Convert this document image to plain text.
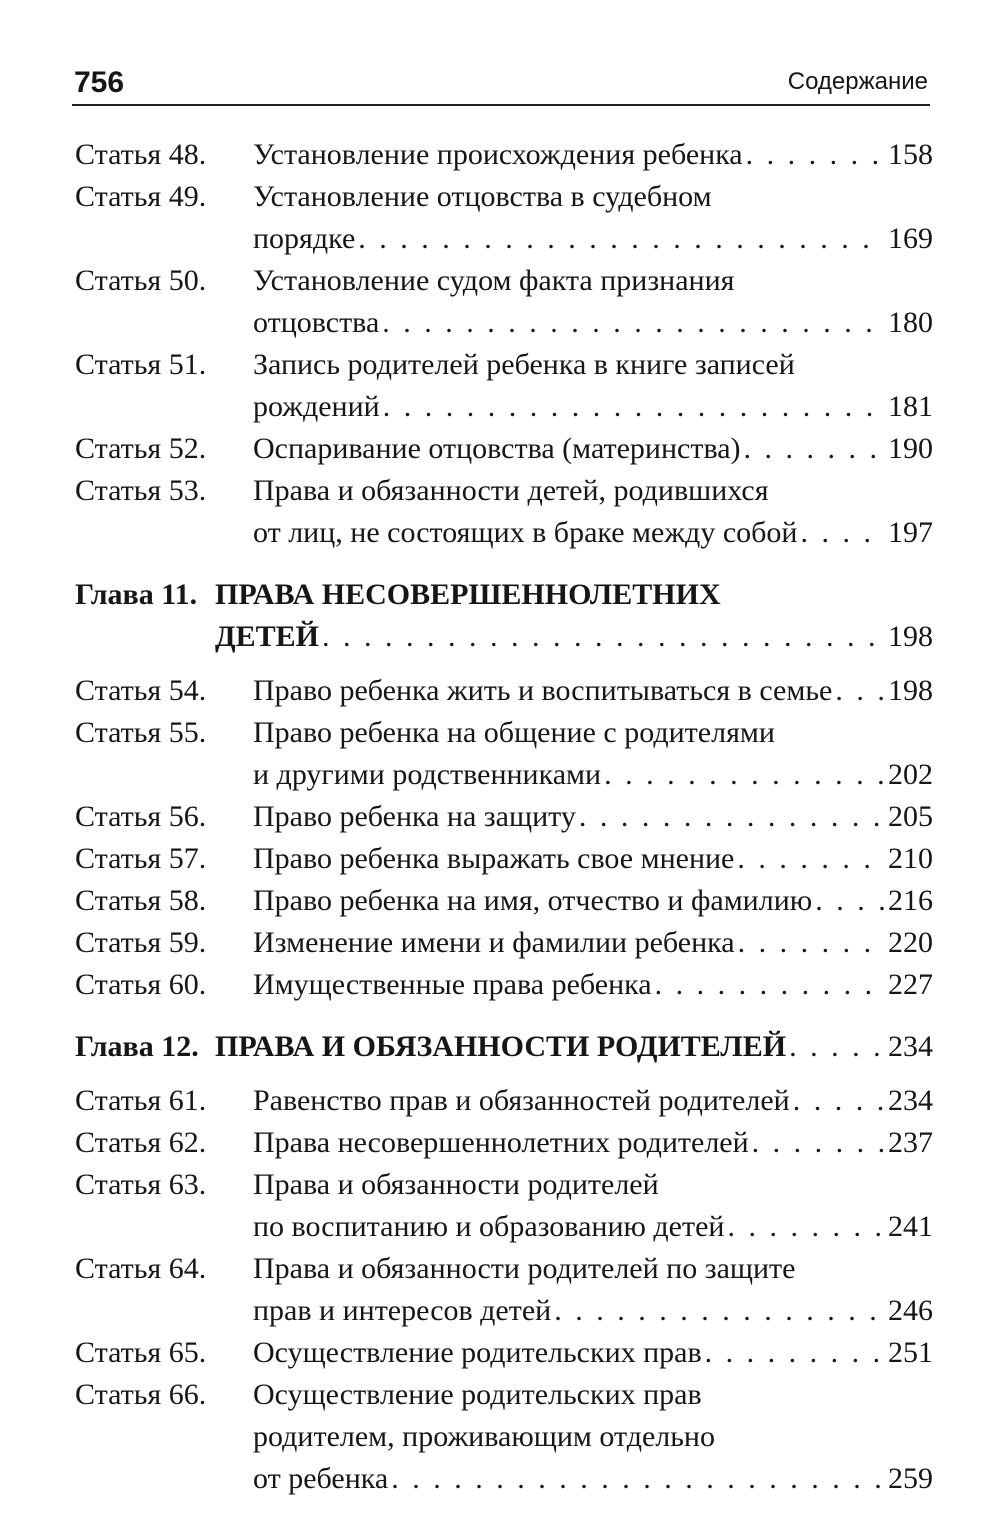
756	Содержание
Статья 48.	Установление происхождения ребенка . . .	158
Статья 49.	Установление отцовства в судебном
порядке . . .	169
Статья 50.	Установление судом факта признания
отцовства . . .	180
Статья 51.	Запись родителей ребенка в книге записей
рождений . . .	181
Статья 52.	Оспаривание отцовства (материнства) . . .	190
Статья 53.	Права и обязанности детей, родившихся
от лиц, не состоящих в браке между собой . . .	197
Глава 11. ПРАВА НЕСОВЕРШЕННОЛЕТНИХ
ДЕТЕЙ . . .	198
Статья 54.	Право ребенка жить и воспитываться в семье . . . 198
Статья 55.	Право ребенка на общение с родителями
и другими родственниками . . .	202
Статья 56.	Право ребенка на защиту . . .	205
Статья 57.	Право ребенка выражать свое мнение . . .	210
Статья 58.	Право ребенка на имя, отчество и фамилию . . .	216
Статья 59.	Изменение имени и фамилии ребенка . . .	220
Статья 60.	Имущественные права ребенка . . .	227
Глава 12. ПРАВА И ОБЯЗАННОСТИ РОДИТЕЛЕЙ . . .	234
Статья 61.	Равенство прав и обязанностей родителей . . .	234
Статья 62.	Права несовершеннолетних родителей . . .	237
Статья 63.	Права и обязанности родителей
по воспитанию и образованию детей . . .	241
Статья 64.	Права и обязанности родителей по защите
прав и интересов детей . . .	246
Статья 65.	Осуществление родительских прав . . .	251
Статья 66.	Осуществление родительских прав
родителем, проживающим отдельно
от ребенка . . .	259
